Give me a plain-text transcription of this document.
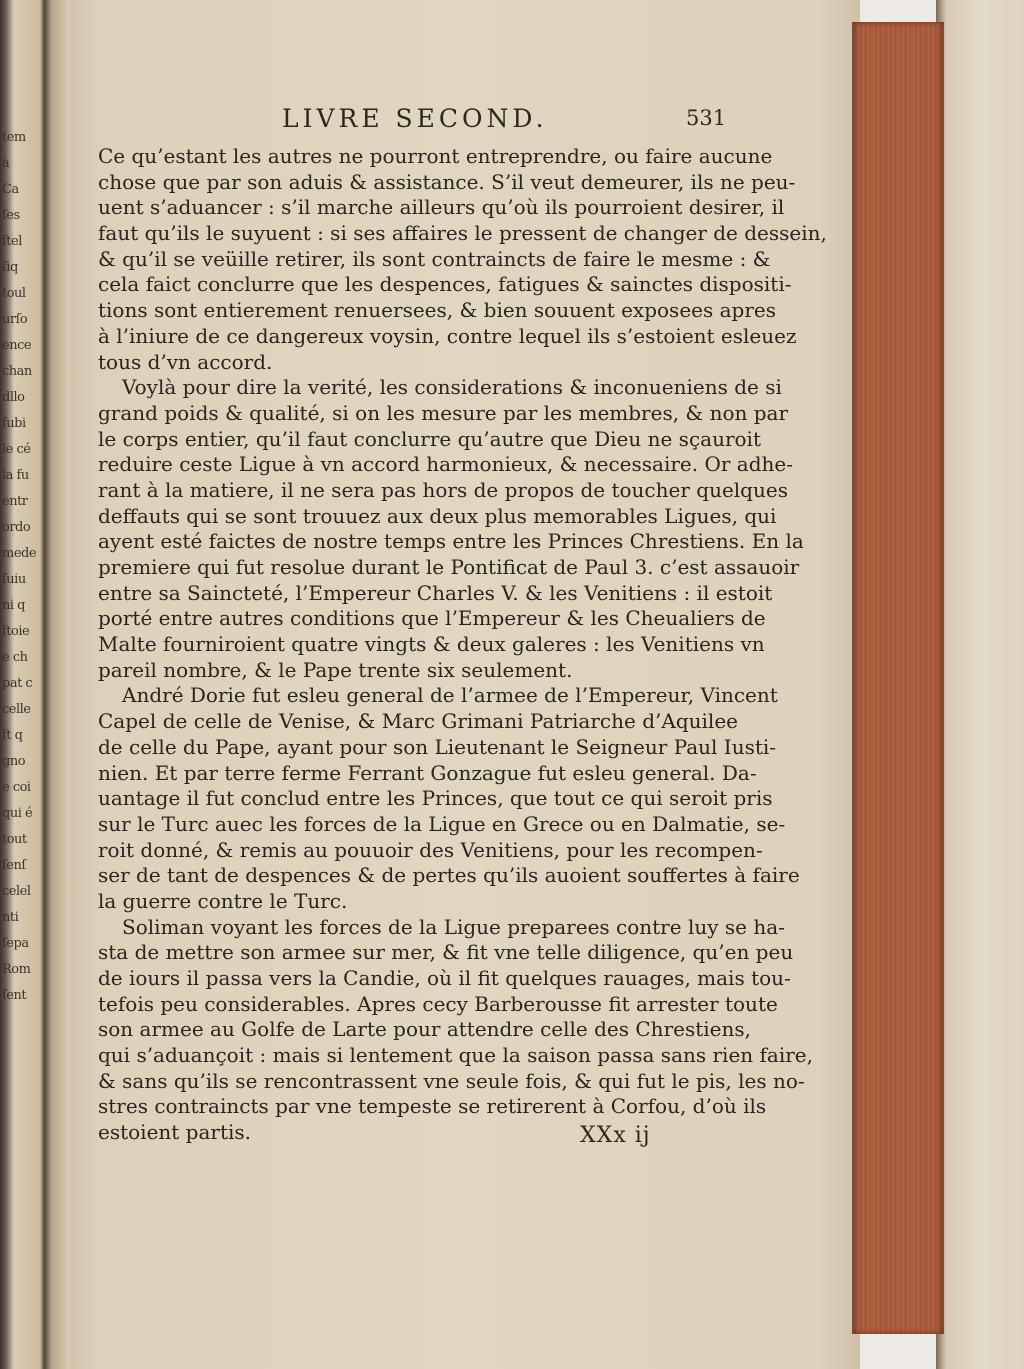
tem
à
Ca
ſes
ſtel
ſiq
toul
urſo
ence
chan
dllo
ſubi
le cé
la fu
entr
ordo
mede
ſuiu
ni q
ſtoie
e ch
pat c
celle
ſt q
gno
e coi
qui é
tout
ſenſ
celel
nti
ſepa
Rom
ſent
LIVRE SECOND.	531
Ce qu’estant les autres ne pourront entreprendre, ou faire aucune
chose que par son aduis & assistance. S’il veut demeurer, ils ne peu-
uent s’aduancer : s’il marche ailleurs qu’où ils pourroient desirer, il
faut qu’ils le suyuent : si ses affaires le pressent de changer de dessein,
& qu’il se veüille retirer, ils sont contraincts de faire le mesme : &
cela faict conclurre que les despences, fatigues & sainctes dispositi-
tions sont entierement renuersees, & bien souuent exposees apres
à l’iniure de ce dangereux voysin, contre lequel ils s’estoient esleuez
tous d’vn accord.
Voylà pour dire la verité, les considerations & inconueniens de si
grand poids & qualité, si on les mesure par les membres, & non par
le corps entier, qu’il faut conclurre qu’autre que Dieu ne sçauroit
reduire ceste Ligue à vn accord harmonieux, & necessaire. Or adhe-
rant à la matiere, il ne sera pas hors de propos de toucher quelques
deffauts qui se sont trouuez aux deux plus memorables Ligues, qui
ayent esté faictes de nostre temps entre les Princes Chrestiens. En la
premiere qui fut resolue durant le Pontificat de Paul 3. c’est assauoir
entre sa Saincteté, l’Empereur Charles V. & les Venitiens : il estoit
porté entre autres conditions que l’Empereur & les Cheualiers de
Malte fourniroient quatre vingts & deux galeres : les Venitiens vn
pareil nombre, & le Pape trente six seulement.
André Dorie fut esleu general de l’armee de l’Empereur, Vincent
Capel de celle de Venise, & Marc Grimani Patriarche d’Aquilee
de celle du Pape, ayant pour son Lieutenant le Seigneur Paul Iusti-
nien. Et par terre ferme Ferrant Gonzague fut esleu general. Da-
uantage il fut conclud entre les Princes, que tout ce qui seroit pris
sur le Turc auec les forces de la Ligue en Grece ou en Dalmatie, se-
roit donné, & remis au pouuoir des Venitiens, pour les recompen-
ser de tant de despences & de pertes qu’ils auoient souffertes à faire
la guerre contre le Turc.
Soliman voyant les forces de la Ligue preparees contre luy se ha-
sta de mettre son armee sur mer, & fit vne telle diligence, qu’en peu
de iours il passa vers la Candie, où il fit quelques rauages, mais tou-
tefois peu considerables. Apres cecy Barberousse fit arrester toute
son armee au Golfe de Larte pour attendre celle des Chrestiens,
qui s’aduançoit : mais si lentement que la saison passa sans rien faire,
& sans qu’ils se rencontrassent vne seule fois, & qui fut le pis, les no-
stres contraincts par vne tempeste se retirerent à Corfou, d’où ils
estoient partis.	XXx ij
